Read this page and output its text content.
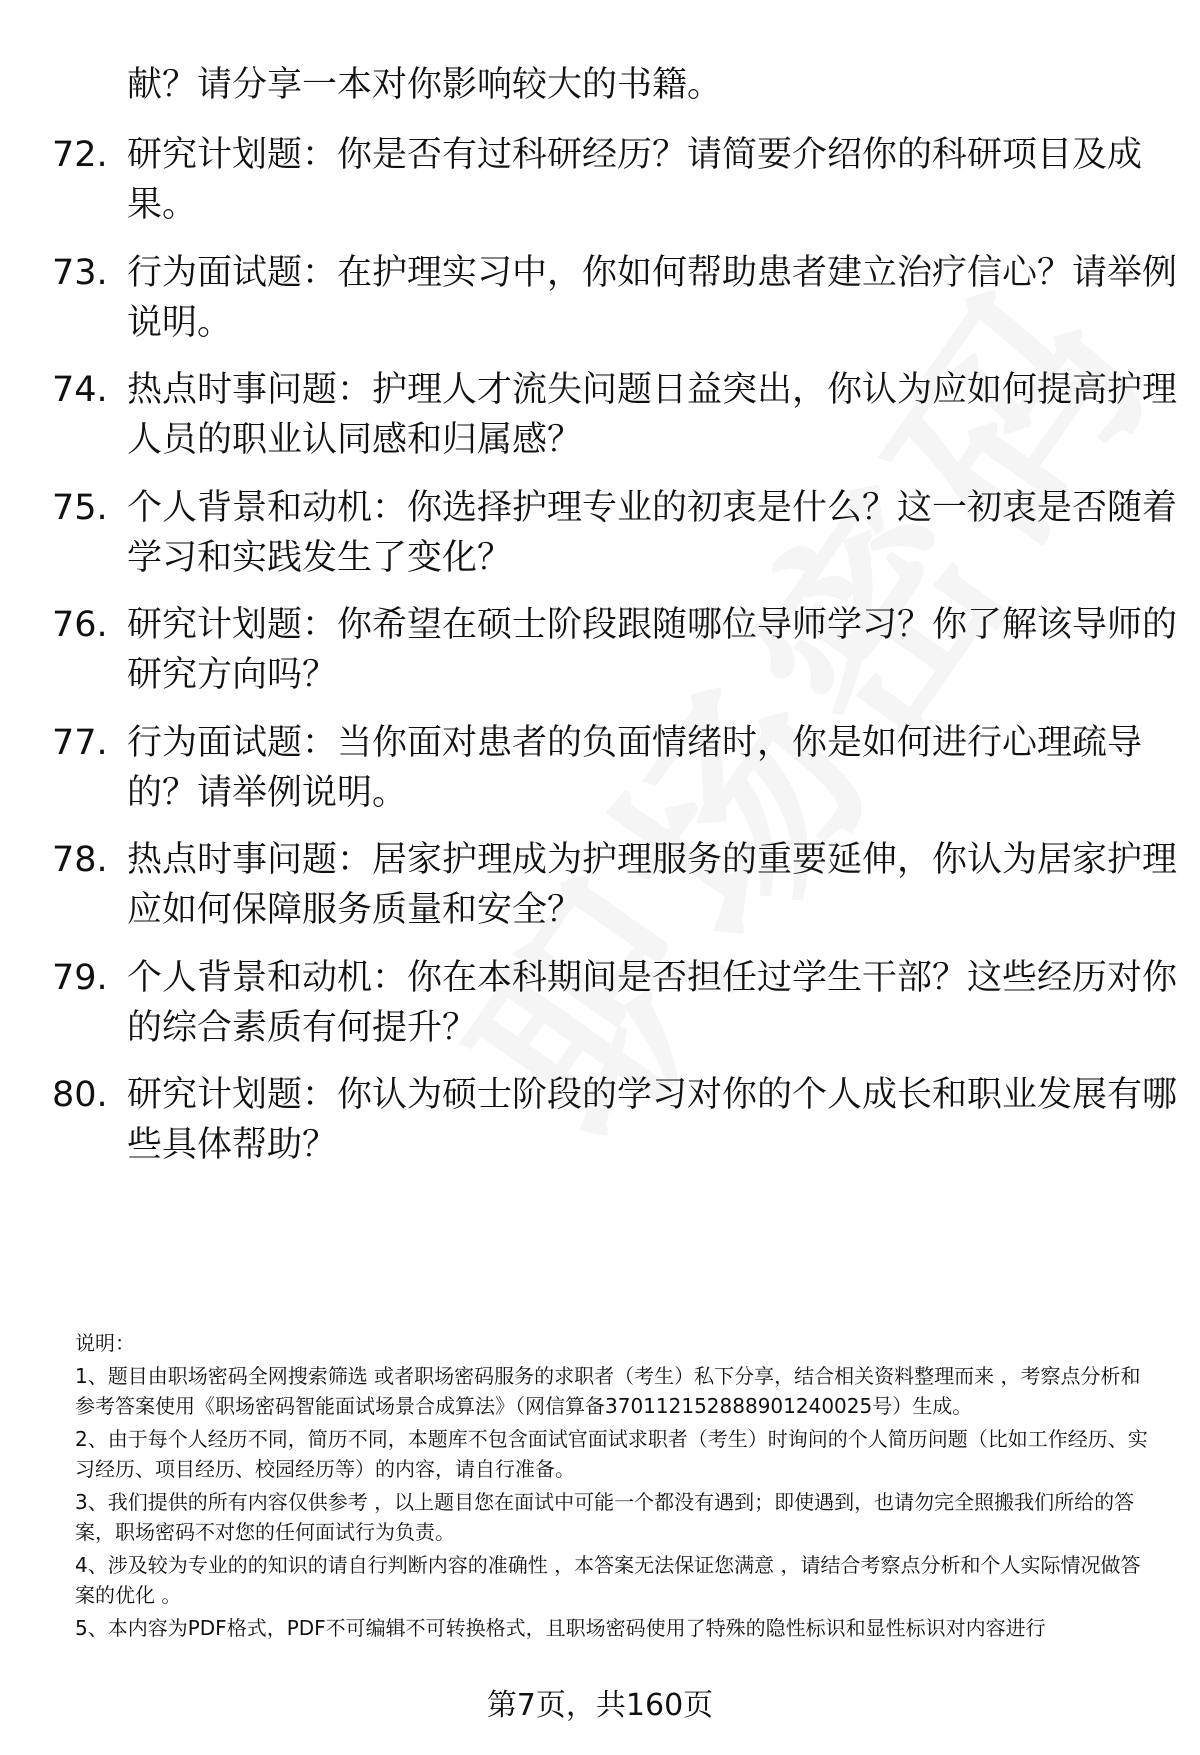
献？请分享一本对你影响较大的书籍。
72. 研究计划题：你是否有过科研经历？请简要介绍你的科研项目及成果。
73. 行为面试题：在护理实习中，你如何帮助患者建立治疗信心？请举例说明。
74. 热点时事问题：护理人才流失问题日益突出，你认为应如何提高护理人员的职业认同感和归属感？
75. 个人背景和动机：你选择护理专业的初衷是什么？这一初衷是否随着学习和实践发生了变化？
76. 研究计划题：你希望在硕士阶段跟随哪位导师学习？你了解该导师的研究方向吗？
77. 行为面试题：当你面对患者的负面情绪时，你是如何进行心理疏导的？请举例说明。
78. 热点时事问题：居家护理成为护理服务的重要延伸，你认为居家护理应如何保障服务质量和安全？
79. 个人背景和动机：你在本科期间是否担任过学生干部？这些经历对你的综合素质有何提升？
80. 研究计划题：你认为硕士阶段的学习对你的个人成长和职业发展有哪些具体帮助？

说明：

1、题目由职场密码全网搜索筛选 或者职场密码服务的求职者（考生）私下分享，结合相关资料整理而来 ，考察点分析和参考答案使用《职场密码智能面试场景合成算法》（网信算备370112152888901240025号）生成。

2、由于每个人经历不同，简历不同，本题库不包含面试官面试求职者（考生）时询问的个人简历问题（比如工作经历、实习经历、项目经历、校园经历等）的内容，请自行准备。

3、我们提供的所有内容仅供参考 ，以上题目您在面试中可能一个都没有遇到；即使遇到，也请勿完全照搬我们所给的答案，职场密码不对您的任何面试行为负责。

4、涉及较为专业的的知识的请自行判断内容的准确性 ，本答案无法保证您满意 ，请结合考察点分析和个人实际情况做答案的优化 。

5、本内容为PDF格式，PDF不可编辑不可转换格式，且职场密码使用了特殊的隐性标识和显性标识对内容进行

第7页，共160页
